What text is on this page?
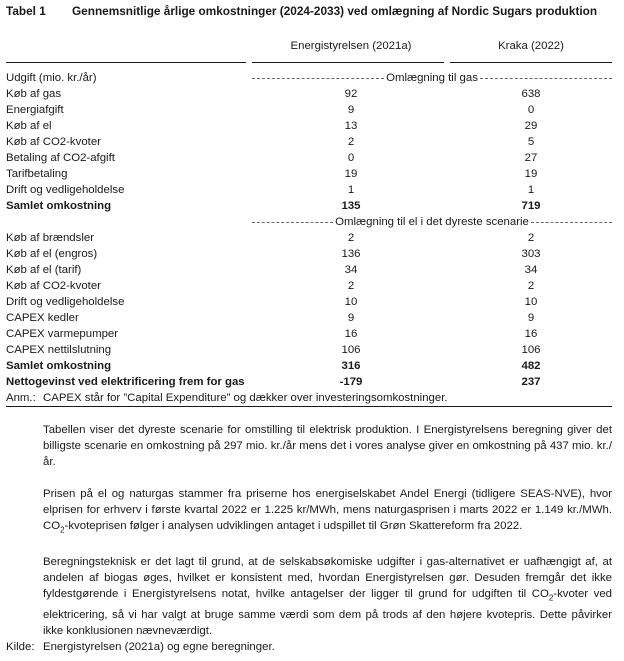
Tabel 1 Gennemsnitlige årlige omkostninger (2024-2033) ved omlægning af Nordic Sugars produktion
	Energistyrelsen (2021a)	Kraka (2022)

Udgift (mio. kr./år)	Omlægning til gas	

Køb af gas	92	638
Energiafgift	9	0
Køb af el	13	29
Køb af CO2-kvoter	2	5
Betaling af CO2-afgift	0	27
Tarifbetaling	19	19
Drift og vedligeholdelse	1	1
Samlet omkostning	135	719

	Omlægning til el i det dyreste scenarie	

Køb af brændsler	2	2
Køb af el (engros)	136	303
Køb af el (tarif)	34	34
Køb af CO2-kvoter	2	2
Drift og vedligeholdelse	10	10
CAPEX kedler	9	9
CAPEX varmepumper	16	16
CAPEX nettilslutning	106	106
Samlet omkostning	316	482
Nettogevinst ved elektrificering frem for gas	-179	237

Anm.: CAPEX står for ”Capital Expenditure” og dækker over investeringsomkostninger.

Tabellen viser det dyreste scenarie for omstilling til elektrisk produktion. I Energistyrelsens beregning giver det billigste scenarie en omkostning på 297 mio. kr./år mens det i vores analyse giver en omkostning på 437 mio. kr./år.

Prisen på el og naturgas stammer fra priserne hos energiselskabet Andel Energi (tidligere SEAS-NVE), hvor elprisen for erhverv i første kvartal 2022 er 1.225 kr/MWh, mens naturgasprisen i marts 2022 er 1.149 kr./MWh. $CO_2$-kvoteprisen følger i analysen udviklingen antaget i udspillet til Grøn Skattereform fra 2022.

Beregningsteknisk er det lagt til grund, at de selskabsøkomiske udgifter i gas-alternativet er uafhængigt af, at andelen af biogas øges, hvilket er konsistent med, hvordan Energistyrelsen gør. Desuden fremgår det ikke fyldestgørende i Energistyrelsens notat, hvilke antagelser der ligger til grund for udgiften til $CO_2$-kvoter ved elektricering, så vi har valgt at bruge samme værdi som dem på trods af den højere kvotepris. Dette påvirker ikke konklusionen nævneværdigt.

Kilde: Energistyrelsen (2021a) og egne beregninger.
